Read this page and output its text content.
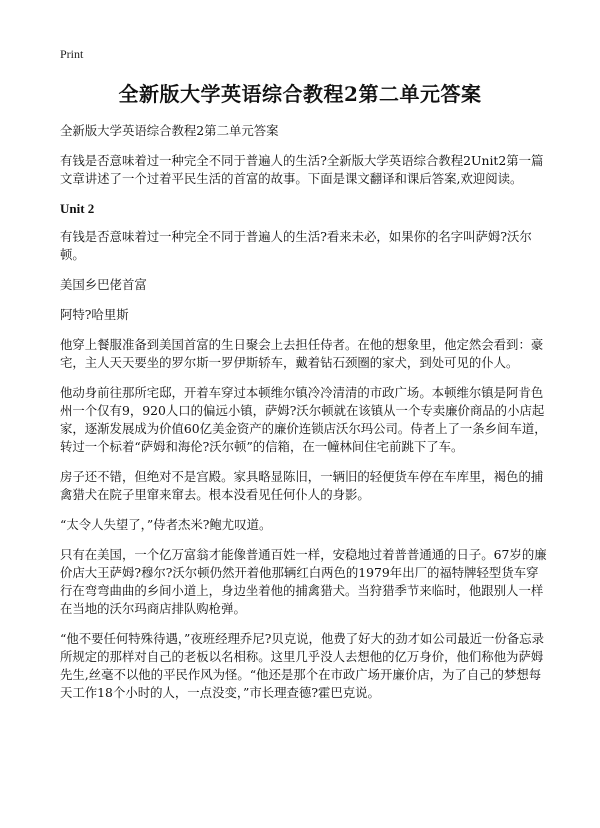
Print
全新版大学英语综合教程2第二单元答案

全新版大学英语综合教程2第二单元答案

有钱是否意味着过一种完全不同于普遍人的生活?全新版大学英语综合教程2Unit2第一篇文章讲述了一个过着平民生活的首富的故事。下面是课文翻译和课后答案,欢迎阅读。

Unit 2

有钱是否意味着过一种完全不同于普遍人的生活?看来未必，如果你的名字叫萨姆?沃尔顿。

美国乡巴佬首富

阿特?哈里斯

他穿上餐服准备到美国首富的生日聚会上去担任侍者。在他的想象里，他定然会看到：豪宅，主人天天要坐的罗尔斯一罗伊斯轿车，戴着钻石颈圈的家犬，到处可见的仆人。

他动身前往那所宅邸，开着车穿过本顿维尔镇冷冷清清的市政广场。本顿维尔镇是阿肯色州一个仅有9，920人口的偏远小镇，萨姆?沃尔顿就在该镇从一个专卖廉价商品的小店起家，逐渐发展成为价值60亿美金资产的廉价连锁店沃尔玛公司。侍者上了一条乡间车道，转过一个标着“萨姆和海伦?沃尔顿”的信箱，在一幢林间住宅前跳下了车。

房子还不错，但绝对不是宫殿。家具略显陈旧，一辆旧的轻便货车停在车库里，褐色的捕禽猎犬在院子里窜来窜去。根本没看见任何仆人的身影。

“太令人失望了，”侍者杰米?鲍尤叹道。

只有在美国，一个亿万富翁才能像普通百姓一样，安稳地过着普普通通的日子。67岁的廉价店大王萨姆?穆尔?沃尔顿仍然开着他那辆红白两色的1979年出厂的福特牌轻型货车穿行在弯弯曲曲的乡间小道上，身边坐着他的捕禽猎犬。当狩猎季节来临时，他跟别人一样在当地的沃尔玛商店排队购枪弹。

“他不要任何特殊待遇，”夜班经理乔尼?贝克说，他费了好大的劲才如公司最近一份备忘录所规定的那样对自己的老板以名相称。这里几乎没人去想他的亿万身价，他们称他为萨姆先生,丝毫不以他的平民作风为怪。“他还是那个在市政广场开廉价店，为了自己的梦想每天工作18个小时的人，一点没变，”市长理查德?霍巴克说。
